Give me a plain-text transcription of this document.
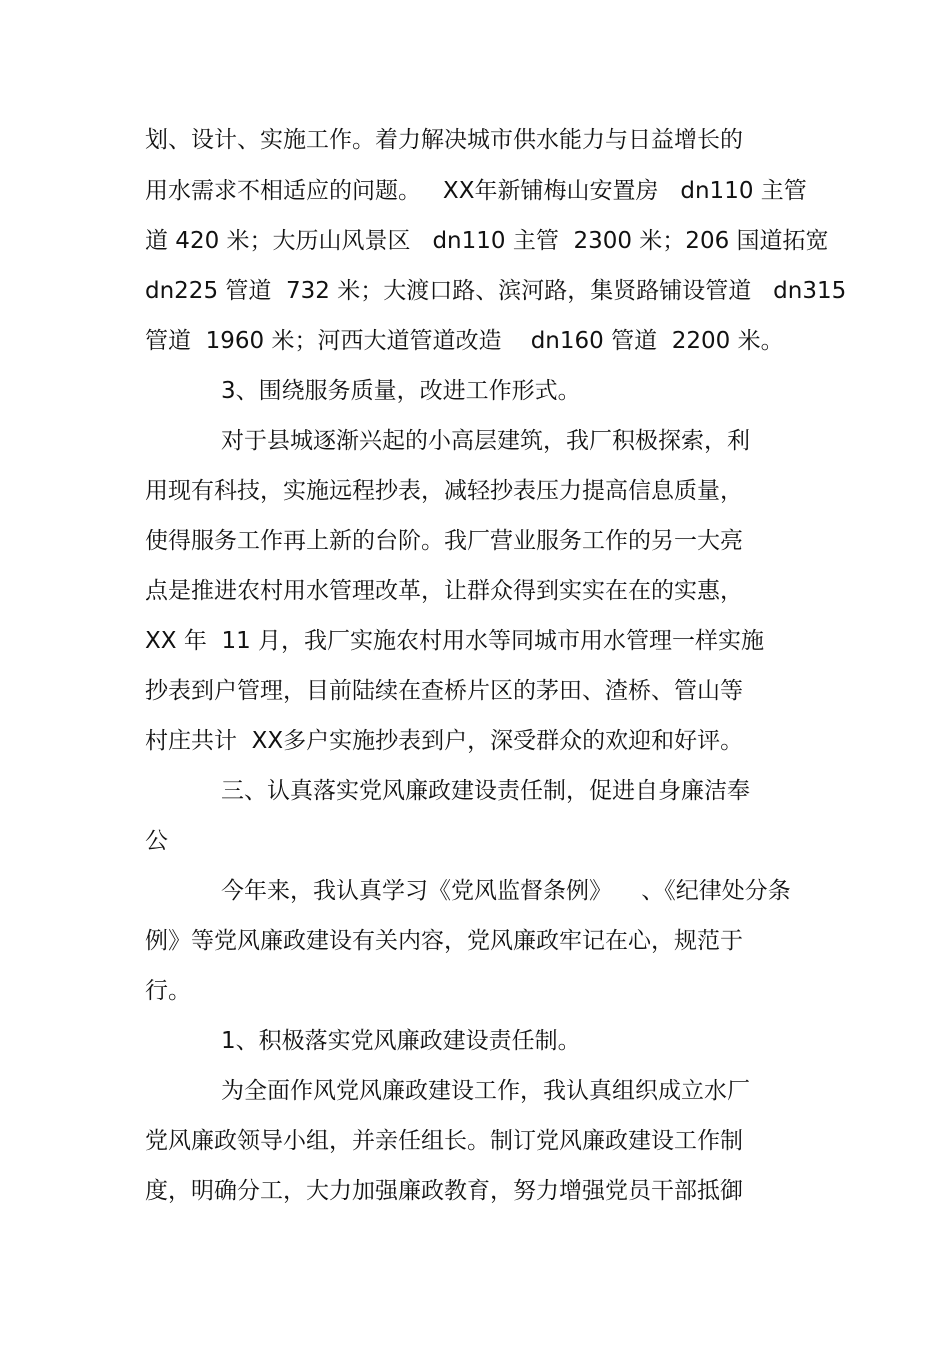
划、设计、实施工作。着力解决城市供水能力与日益增长的
用水需求不相适应的问题。   XX年新铺梅山安置房   dn110 主管
道 420 米；大历山风景区   dn110 主管  2300 米；206 国道拓宽
dn225 管道  732 米；大渡口路、滨河路，集贤路铺设管道   dn315
管道  1960 米；河西大道管道改造    dn160 管道  2200 米。
3、围绕服务质量，改进工作形式。
对于县城逐渐兴起的小高层建筑，我厂积极探索，利
用现有科技，实施远程抄表，减轻抄表压力提高信息质量，
使得服务工作再上新的台阶。我厂营业服务工作的另一大亮
点是推进农村用水管理改革，让群众得到实实在在的实惠，
XX 年  11 月，我厂实施农村用水等同城市用水管理一样实施
抄表到户管理，目前陆续在查桥片区的茅田、渣桥、管山等
村庄共计  XX多户实施抄表到户，深受群众的欢迎和好评。
三、认真落实党风廉政建设责任制，促进自身廉洁奉
公
今年来，我认真学习《党风监督条例》    、《纪律处分条
例》等党风廉政建设有关内容，党风廉政牢记在心，规范于
行。
1、积极落实党风廉政建设责任制。
为全面作风党风廉政建设工作，我认真组织成立水厂
党风廉政领导小组，并亲任组长。制订党风廉政建设工作制
度，明确分工，大力加强廉政教育，努力增强党员干部抵御
